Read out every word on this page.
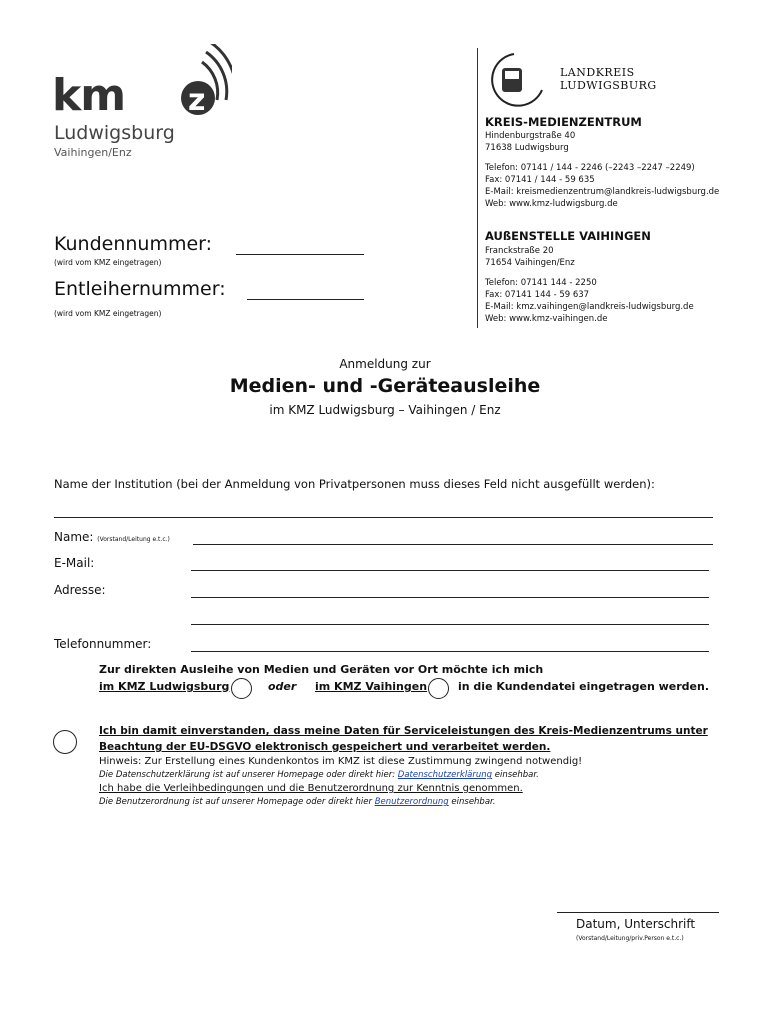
km z
Ludwigsburg
Vaihingen/Enz
LANDKREIS
LUDWIGSBURG
KREIS-MEDIENZENTRUM
Hindenburgstraße 40
71638 Ludwigsburg
Telefon: 07141 / 144 - 2246 (–2243 –2247 –2249)
Fax: 07141 / 144 - 59 635
E-Mail: kreismedienzentrum@landkreis-ludwigsburg.de
Web: www.kmz-ludwigsburg.de
AUßENSTELLE VAIHINGEN
Franckstraße 20
71654 Vaihingen/Enz
Telefon: 07141 144 - 2250
Fax: 07141 144 - 59 637
E-Mail: kmz.vaihingen@landkreis-ludwigsburg.de
Web: www.kmz-vaihingen.de
Kundennummer:
(wird vom KMZ eingetragen)
Entleihernummer:
(wird vom KMZ eingetragen)
Anmeldung zur
Medien- und -Geräteausleihe
im KMZ Ludwigsburg – Vaihingen / Enz
Name der Institution (bei der Anmeldung von Privatpersonen muss dieses Feld nicht ausgefüllt werden):
Name: (Vorstand/Leitung e.t.c.)
E-Mail:
Adresse:
Telefonnummer:
Zur direkten Ausleihe von Medien und Geräten vor Ort möchte ich mich
im KMZ Ludwigsburg	oder im KMZ Vaihingen	in die Kundendatei eingetragen werden.
Ich bin damit einverstanden, dass meine Daten für Serviceleistungen des Kreis-Medienzentrums unter
Beachtung der EU-DSGVO elektronisch gespeichert und verarbeitet werden.
Hinweis: Zur Erstellung eines Kundenkontos im KMZ ist diese Zustimmung zwingend notwendig!
Die Datenschutzerklärung ist auf unserer Homepage oder direkt hier: Datenschutzerklärung einsehbar.
Ich habe die Verleihbedingungen und die Benutzerordnung zur Kenntnis genommen.
Die Benutzerordnung ist auf unserer Homepage oder direkt hier Benutzerordnung einsehbar.
Datum, Unterschrift
(Vorstand/Leitung/priv.Person e.t.c.)
